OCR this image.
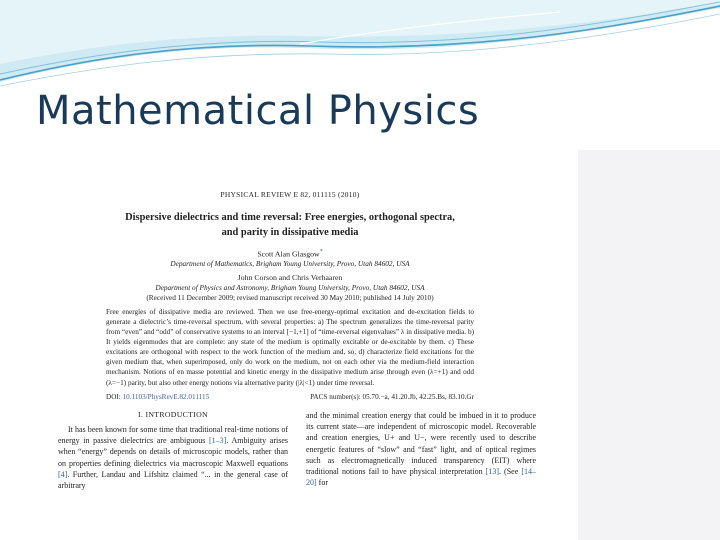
Mathematical Physics
PHYSICAL REVIEW E 82, 011115 (2010)
Dispersive dielectrics and time reversal: Free energies, orthogonal spectra,
and parity in dissipative media
Scott Alan Glasgow*
Department of Mathematics, Brigham Young University, Provo, Utah 84602, USA
John Corson and Chris Verhaaren
Department of Physics and Astronomy, Brigham Young University, Provo, Utah 84602, USA
(Received 11 December 2009; revised manuscript received 30 May 2010; published 14 July 2010)
Free energies of dissipative media are reviewed. Then we use free-energy-optimal excitation and de-excitation fields to generate a dielectric’s time-reversal spectrum, with several properties: a) The spectrum generalizes the time-reversal parity from “even” and “odd” of conservative systems to an interval [−1,+1] of “time-reversal eigenvalues” λ in dissipative media. b) It yields eigenmodes that are complete: any state of the medium is optimally excitable or de-excitable by them. c) These excitations are orthogonal with respect to the work function of the medium and, so, d) characterize field excitations for the given medium that, when superimposed, only do work on the medium, not on each other via the medium-field interaction mechanism. Notions of en masse potential and kinetic energy in the dissipative medium arise through even (λ=+1) and odd (λ=−1) parity, but also other energy notions via alternative parity (|λ|<1) under time reversal.
DOI: 10.1103/PhysRevE.82.011115	PACS number(s): 05.70.−a, 41.20.Jb, 42.25.Bs, 83.10.Gr
I. INTRODUCTION
It has been known for some time that traditional real-time notions of energy in passive dielectrics are ambiguous [1–3]. Ambiguity arises when “energy” depends on details of microscopic models, rather than on properties defining dielectrics via macroscopic Maxwell equations [4]. Further, Landau and Lifshitz claimed “... in the general case of arbitrary
and the minimal creation energy that could be imbued in it to produce its current state—are independent of microscopic model. Recoverable and creation energies, U+ and U−, were recently used to describe energetic features of “slow” and “fast” light, and of optical regimes such as electromagnetically induced transparency (EIT) where traditional notions fail to have physical interpretation [13]. (See [14–20] for
